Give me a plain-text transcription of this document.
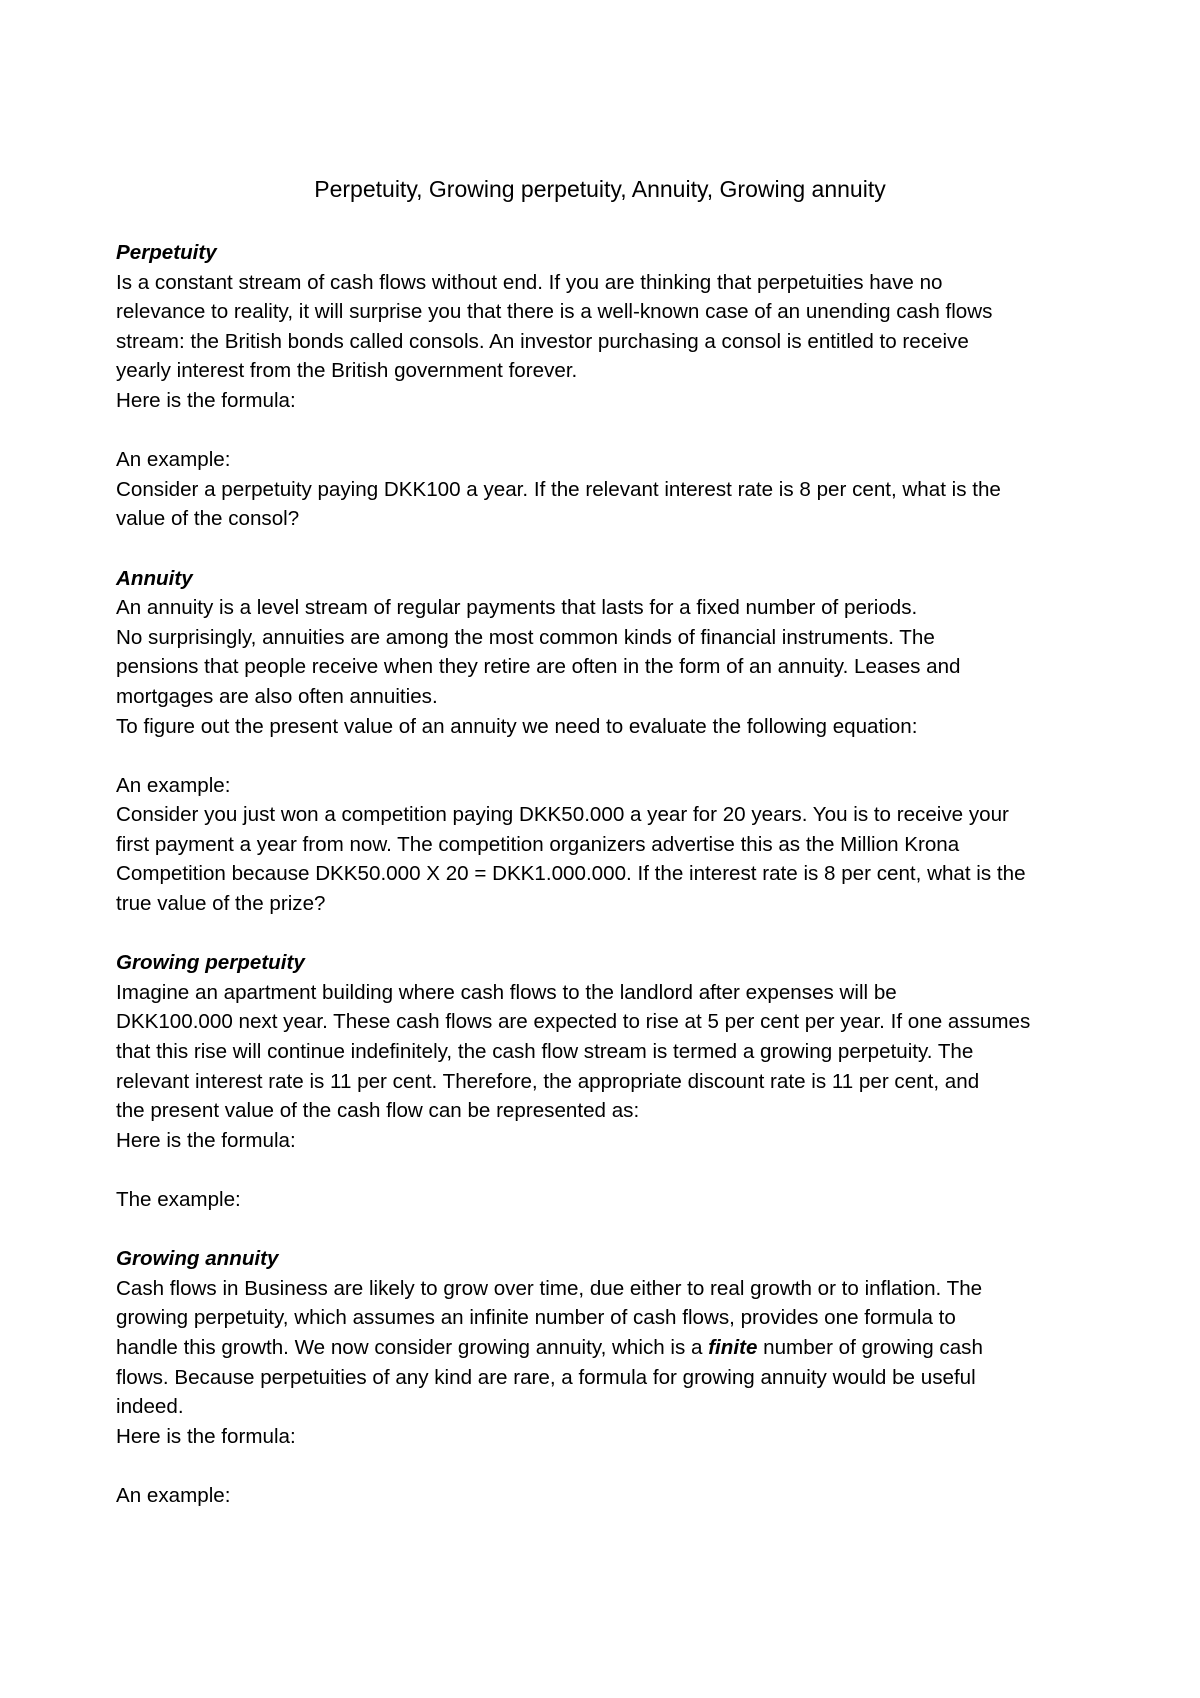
Perpetuity, Growing perpetuity, Annuity, Growing annuity
Perpetuity
Is a constant stream of cash flows without end. If you are thinking that perpetuities have no
relevance to reality, it will surprise you that there is a well-known case of an unending cash flows
stream: the British bonds called consols. An investor purchasing a consol is entitled to receive
yearly interest from the British government forever.
Here is the formula:
An example:
Consider a perpetuity paying DKK100 a year. If the relevant interest rate is 8 per cent, what is the
value of the consol?
Annuity
An annuity is a level stream of regular payments that lasts for a fixed number of periods.
No surprisingly, annuities are among the most common kinds of financial instruments. The
pensions that people receive when they retire are often in the form of an annuity. Leases and
mortgages are also often annuities.
To figure out the present value of an annuity we need to evaluate the following equation:
An example:
Consider you just won a competition paying DKK50.000 a year for 20 years. You is to receive your
first payment a year from now. The competition organizers advertise this as the Million Krona
Competition because DKK50.000 X 20 = DKK1.000.000. If the interest rate is 8 per cent, what is the
true value of the prize?
Growing perpetuity
Imagine an apartment building where cash flows to the landlord after expenses will be
DKK100.000 next year. These cash flows are expected to rise at 5 per cent per year. If one assumes
that this rise will continue indefinitely, the cash flow stream is termed a growing perpetuity. The
relevant interest rate is 11 per cent. Therefore, the appropriate discount rate is 11 per cent, and
the present value of the cash flow can be represented as:
Here is the formula:
The example:
Growing annuity
Cash flows in Business are likely to grow over time, due either to real growth or to inflation. The
growing perpetuity, which assumes an infinite number of cash flows, provides one formula to
handle this growth. We now consider growing annuity, which is a finite number of growing cash
flows. Because perpetuities of any kind are rare, a formula for growing annuity would be useful
indeed.
Here is the formula:
An example:
